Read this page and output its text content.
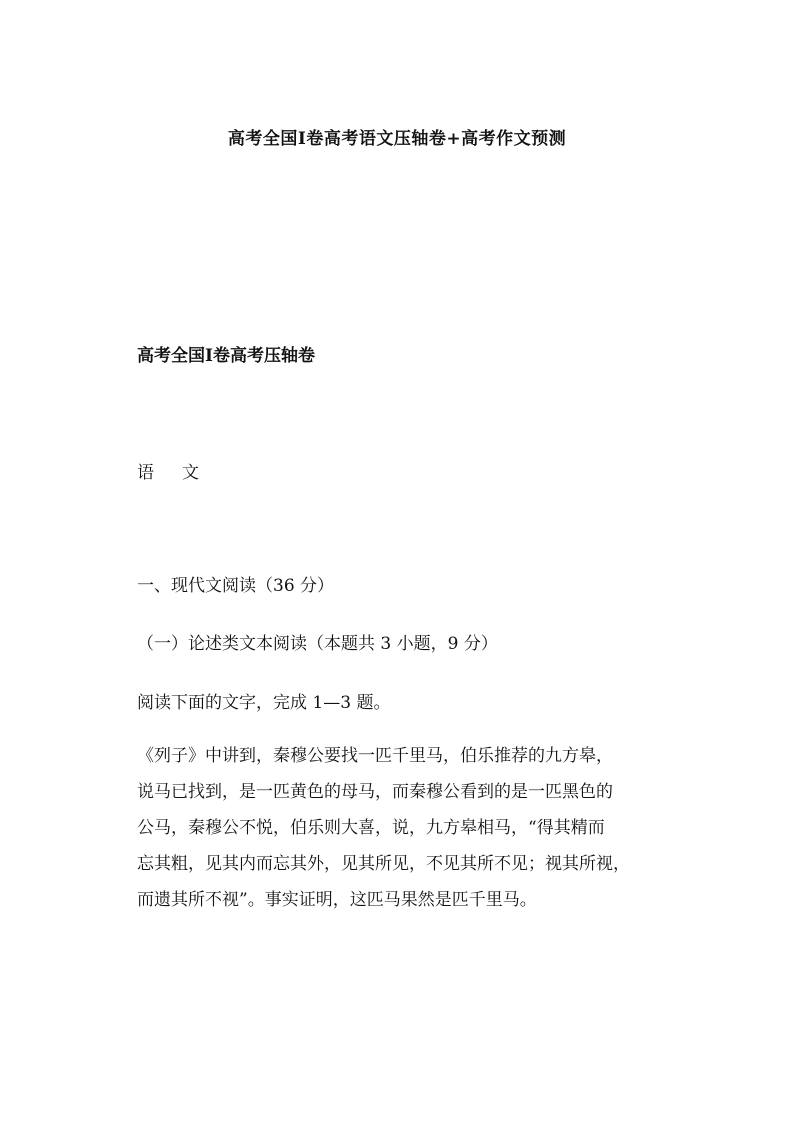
高考全国Ⅰ卷高考语文压轴卷+高考作文预测
高考全国Ⅰ卷高考压轴卷
语 文
一、现代文阅读（36 分）
（一）论述类文本阅读（本题共 3 小题，9 分）
阅读下面的文字，完成 1—3 题。
《列子》中讲到，秦穆公要找一匹千里马，伯乐推荐的九方皋，
说马已找到，是一匹黄色的母马，而秦穆公看到的是一匹黑色的
公马，秦穆公不悦，伯乐则大喜，说，九方皋相马，“得其精而
忘其粗，见其内而忘其外，见其所见，不见其所不见；视其所视，
而遗其所不视”。事实证明，这匹马果然是匹千里马。
